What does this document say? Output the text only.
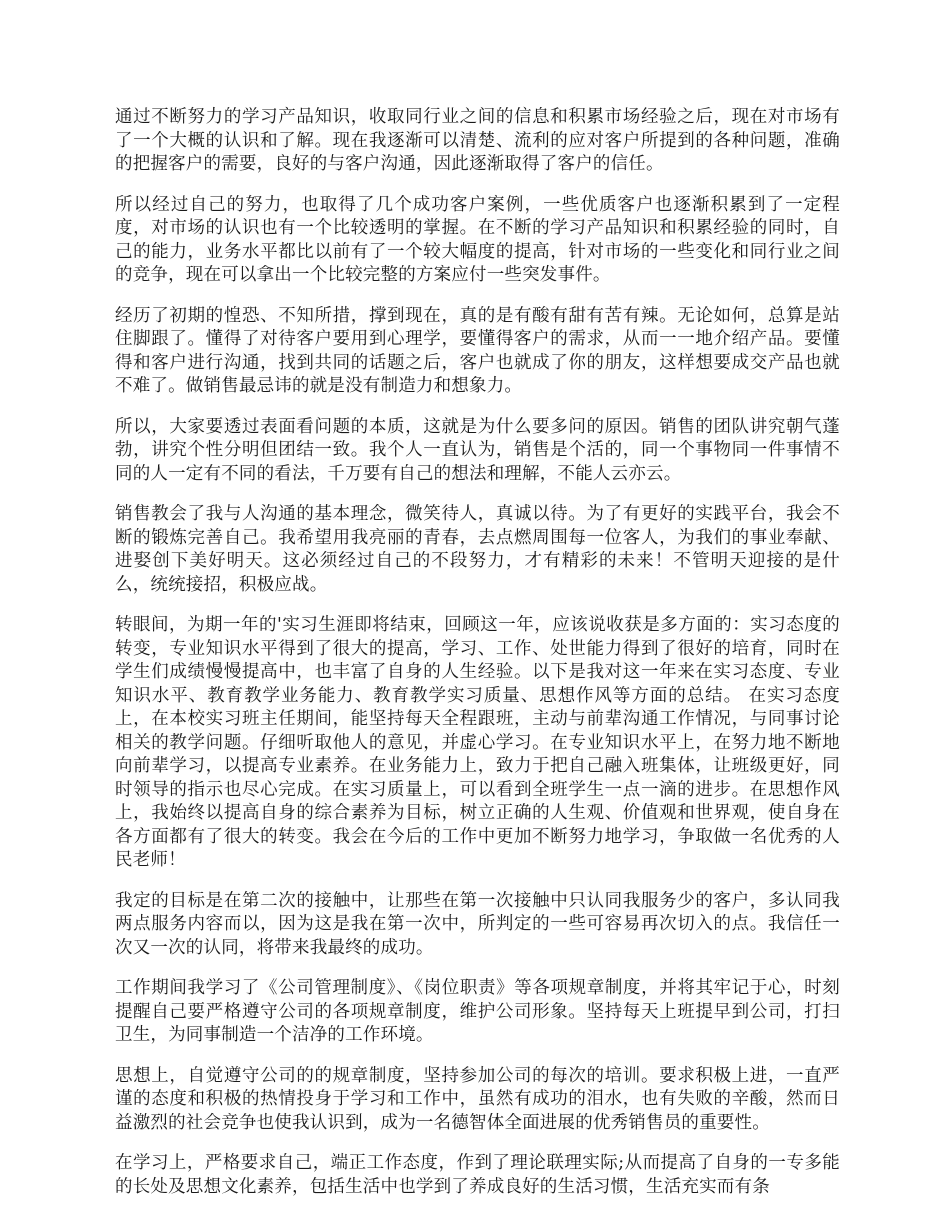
通过不断努力的学习产品知识，收取同行业之间的信息和积累市场经验之后，现在对市场有了一个大概的认识和了解。现在我逐渐可以清楚、流利的应对客户所提到的各种问题，准确的把握客户的需要，良好的与客户沟通，因此逐渐取得了客户的信任。

所以经过自己的努力，也取得了几个成功客户案例，一些优质客户也逐渐积累到了一定程度，对市场的认识也有一个比较透明的掌握。在不断的学习产品知识和积累经验的同时，自己的能力，业务水平都比以前有了一个较大幅度的提高，针对市场的一些变化和同行业之间的竞争，现在可以拿出一个比较完整的方案应付一些突发事件。

经历了初期的惶恐、不知所措，撑到现在，真的是有酸有甜有苦有辣。无论如何，总算是站住脚跟了。懂得了对待客户要用到心理学，要懂得客户的需求，从而一一地介绍产品。要懂得和客户进行沟通，找到共同的话题之后，客户也就成了你的朋友，这样想要成交产品也就不难了。做销售最忌讳的就是没有制造力和想象力。

所以，大家要透过表面看问题的本质，这就是为什么要多问的原因。销售的团队讲究朝气蓬勃，讲究个性分明但团结一致。我个人一直认为，销售是个活的，同一个事物同一件事情不同的人一定有不同的看法，千万要有自己的想法和理解，不能人云亦云。

销售教会了我与人沟通的基本理念，微笑待人，真诚以待。为了有更好的实践平台，我会不断的锻炼完善自己。我希望用我亮丽的青春，去点燃周围每一位客人，为我们的事业奉献、进娶创下美好明天。这必须经过自己的不段努力，才有精彩的未来！不管明天迎接的是什么，统统接招，积极应战。

转眼间，为期一年的'实习生涯即将结束，回顾这一年，应该说收获是多方面的：实习态度的转变，专业知识水平得到了很大的提高，学习、工作、处世能力得到了很好的培育，同时在学生们成绩慢慢提高中，也丰富了自身的人生经验。以下是我对这一年来在实习态度、专业知识水平、教育教学业务能力、教育教学实习质量、思想作风等方面的总结。 在实习态度上，在本校实习班主任期间，能坚持每天全程跟班，主动与前辈沟通工作情况，与同事讨论相关的教学问题。仔细听取他人的意见，并虚心学习。在专业知识水平上，在努力地不断地向前辈学习，以提高专业素养。在业务能力上，致力于把自己融入班集体，让班级更好，同时领导的指示也尽心完成。在实习质量上，可以看到全班学生一点一滴的进步。在思想作风上，我始终以提高自身的综合素养为目标，树立正确的人生观、价值观和世界观，使自身在各方面都有了很大的转变。我会在今后的工作中更加不断努力地学习，争取做一名优秀的人民老师！

我定的目标是在第二次的接触中，让那些在第一次接触中只认同我服务少的客户，多认同我两点服务内容而以，因为这是我在第一次中，所判定的一些可容易再次切入的点。我信任一次又一次的认同，将带来我最终的成功。

工作期间我学习了《公司管理制度》、《岗位职责》等各项规章制度，并将其牢记于心，时刻提醒自己要严格遵守公司的各项规章制度，维护公司形象。坚持每天上班提早到公司，打扫卫生，为同事制造一个洁净的工作环境。

思想上，自觉遵守公司的的规章制度，坚持参加公司的每次的培训。要求积极上进，一直严谨的态度和积极的热情投身于学习和工作中，虽然有成功的泪水，也有失败的辛酸，然而日益激烈的社会竞争也使我认识到，成为一名德智体全面进展的优秀销售员的重要性。

在学习上，严格要求自己，端正工作态度，作到了理论联理实际;从而提高了自身的一专多能的长处及思想文化素养，包括生活中也学到了养成良好的生活习惯，生活充实而有条
